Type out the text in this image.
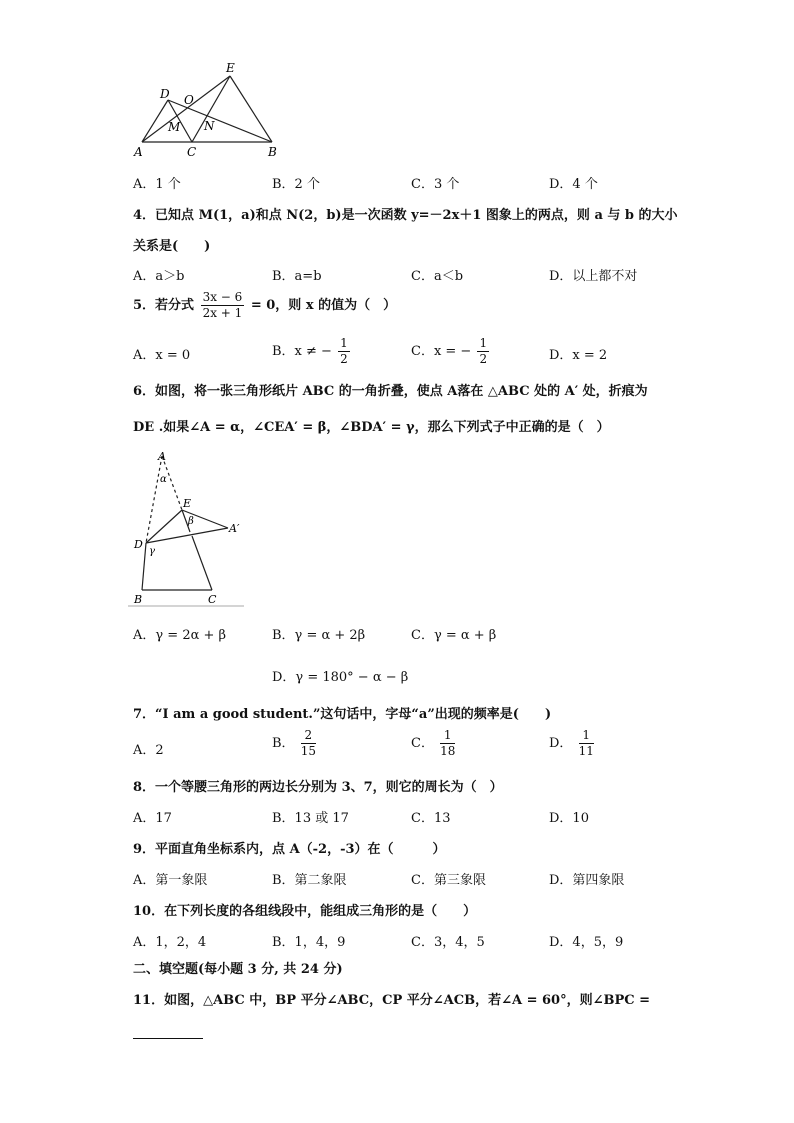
A	C	B
D
E
O
M N
A．1 个	B．2 个	C．3 个	D．4 个
4．已知点 M(1，a)和点 N(2，b)是一次函数 y=－2x＋1 图象上的两点，则 a 与 b 的大小
关系是(　　)
A．a＞b	B．a=b	C．a＜b	D．以上都不对
5．若分式 $\frac{3x - 6}{2x + 1} = 0$，则 x 的值为（　）
A．x = 0	B．x ≠ − $\frac{1}{2}$	C．x = − $\frac{1}{2}$	D．x = 2
6．如图，将一张三角形纸片 ABC 的一角折叠，使点 A落在 △ABC 处的 A′ 处，折痕为
DE .如果∠A = α，∠CEA′ = β，∠BDA′ = γ，那么下列式子中正确的是（　）
A
α
E
β
A′
D
γ
B	C
A．γ = 2α + β	B．γ = α + 2β	C．γ = α + β
D．γ = 180° − α − β
7．“I am a good student.”这句话中，字母“a”出现的频率是(　　)
A．2	B． $\frac{2}{15}$	C． $\frac{1}{18}$	D． $\frac{1}{11}$
8．一个等腰三角形的两边长分别为 3、7，则它的周长为（　）
A．17	B．13 或 17	C．13	D．10
9．平面直角坐标系内，点 A（-2，-3）在（　　　）
A．第一象限	B．第二象限	C．第三象限	D．第四象限
10．在下列长度的各组线段中，能组成三角形的是（　　）
A．1，2，4	B．1，4，9	C．3，4，5	D．4，5，9
二、填空题(每小题 3 分, 共 24 分)
11．如图，△ABC 中，BP 平分∠ABC，CP 平分∠ACB，若∠A = 60°，则∠BPC =
